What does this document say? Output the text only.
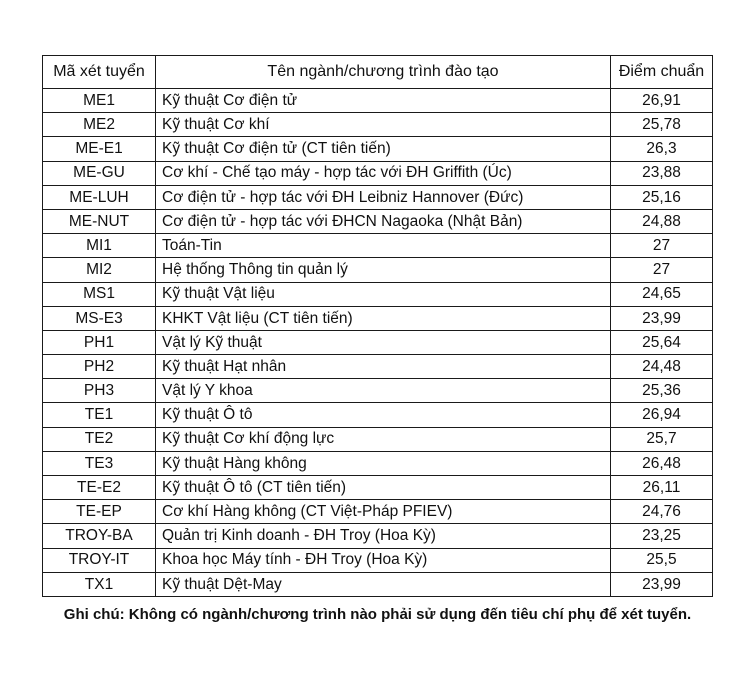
Mã xét tuyển	Tên ngành/chương trình đào tạo	Điểm chuẩn
ME1	Kỹ thuật Cơ điện tử	26,91
ME2	Kỹ thuật Cơ khí	25,78
ME-E1	Kỹ thuật Cơ điện tử (CT tiên tiến)	26,3
ME-GU	Cơ khí - Chế tạo máy - hợp tác với ĐH Griffith (Úc)	23,88
ME-LUH	Cơ điện tử - hợp tác với ĐH Leibniz Hannover (Đức)	25,16
ME-NUT	Cơ điện tử - hợp tác với ĐHCN Nagaoka (Nhật Bản)	24,88
MI1	Toán-Tin	27
MI2	Hệ thống Thông tin quản lý	27
MS1	Kỹ thuật Vật liệu	24,65
MS-E3	KHKT Vật liệu (CT tiên tiến)	23,99
PH1	Vật lý Kỹ thuật	25,64
PH2	Kỹ thuật Hạt nhân	24,48
PH3	Vật lý Y khoa	25,36
TE1	Kỹ thuật Ô tô	26,94
TE2	Kỹ thuật Cơ khí động lực	25,7
TE3	Kỹ thuật Hàng không	26,48
TE-E2	Kỹ thuật Ô tô (CT tiên tiến)	26,11
TE-EP	Cơ khí Hàng không (CT Việt-Pháp PFIEV)	24,76
TROY-BA	Quản trị Kinh doanh - ĐH Troy (Hoa Kỳ)	23,25
TROY-IT	Khoa học Máy tính - ĐH Troy (Hoa Kỳ)	25,5
TX1	Kỹ thuật Dệt-May	23,99
Ghi chú: Không có ngành/chương trình nào phải sử dụng đến tiêu chí phụ để xét tuyển.
